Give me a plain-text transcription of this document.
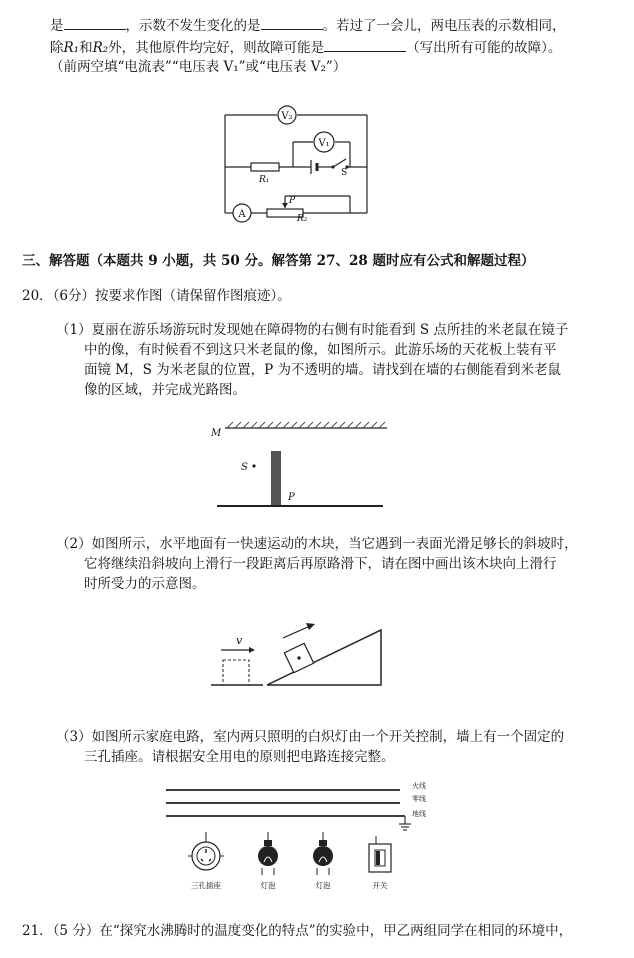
是	，示数不发生变化的是	。若过了一会儿，两电压表的示数相同，
除R₁和R₂外，其他原件均完好，则故障可能是	（写出所有可能的故障）。
（前两空填“电流表”“电压表 V₁”或“电压表 V₂”）
V₂
V₁
A
R₁
S
P
R₂
三、解答题（本题共 9 小题，共 50 分。解答第 27、28 题时应有公式和解题过程）
20．（6分）按要求作图（请保留作图痕迹）。
（1）夏丽在游乐场游玩时发现她在障碍物的右侧有时能看到 S 点所挂的米老鼠在镜子
中的像，有时候看不到这只米老鼠的像，如图所示。此游乐场的天花板上装有平
面镜 M，S 为米老鼠的位置，P 为不透明的墙。请找到在墙的右侧能看到米老鼠
像的区域，并完成光路图。
M
S
P
（2）如图所示，水平地面有一快速运动的木块，当它遇到一表面光滑足够长的斜坡时，
它将继续沿斜坡向上滑行一段距离后再原路滑下，请在图中画出该木块向上滑行
时所受力的示意图。
v
（3）如图所示家庭电路，室内两只照明的白炽灯由一个开关控制，墙上有一个固定的
三孔插座。请根据安全用电的原则把电路连接完整。
火线
零线
地线
三孔插座	灯泡	灯泡	开关
21．（5 分）在“探究水沸腾时的温度变化的特点”的实验中，甲乙两组同学在相同的环境中，
